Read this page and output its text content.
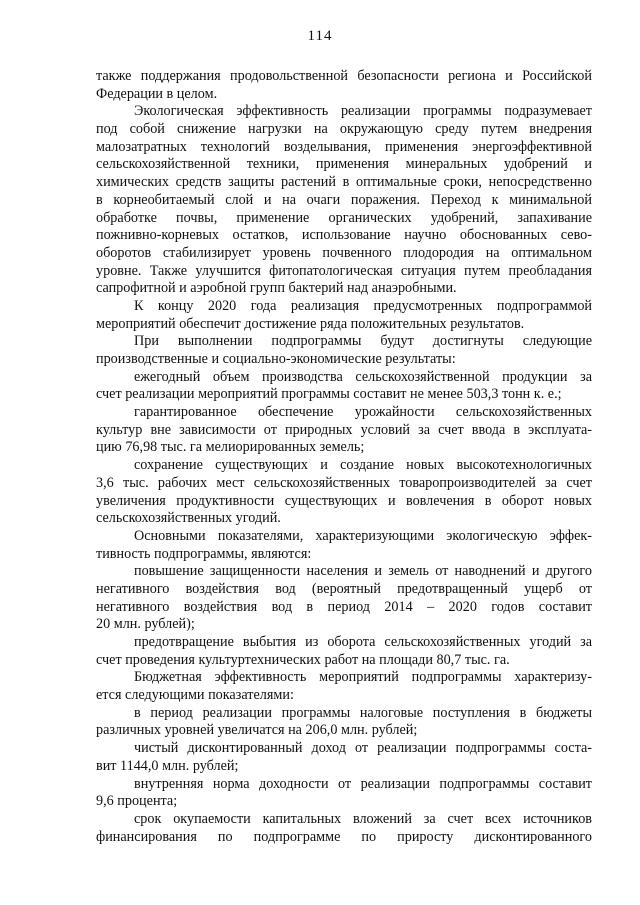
114
также поддержания продовольственной безопасности региона и Российской
Федерации в целом.
Экологическая эффективность реализации программы подразумевает
под собой снижение нагрузки на окружающую среду путем внедрения
малозатратных технологий возделывания, применения энергоэффективной
сельскохозяйственной техники, применения минеральных удобрений и
химических средств защиты растений в оптимальные сроки, непосредственно
в корнеобитаемый слой и на очаги поражения. Переход к минимальной
обработке почвы, применение органических удобрений, запахивание
пожнивно-корневых остатков, использование научно обоснованных сево-
оборотов стабилизирует уровень почвенного плодородия на оптимальном
уровне. Также улучшится фитопатологическая ситуация путем преобладания
сапрофитной и аэробной групп бактерий над анаэробными.
К концу 2020 года реализация предусмотренных подпрограммой
мероприятий обеспечит достижение ряда положительных результатов.
При выполнении подпрограммы будут достигнуты следующие
производственные и социально-экономические результаты:
ежегодный объем производства сельскохозяйственной продукции за
счет реализации мероприятий программы составит не менее 503,3 тонн к. е.;
гарантированное обеспечение урожайности сельскохозяйственных
культур вне зависимости от природных условий за счет ввода в эксплуата-
цию 76,98 тыс. га мелиорированных земель;
сохранение существующих и создание новых высокотехнологичных
3,6 тыс. рабочих мест сельскохозяйственных товаропроизводителей за счет
увеличения продуктивности существующих и вовлечения в оборот новых
сельскохозяйственных угодий.
Основными показателями, характеризующими экологическую эффек-
тивность подпрограммы, являются:
повышение защищенности населения и земель от наводнений и другого
негативного воздействия вод (вероятный предотвращенный ущерб от
негативного воздействия вод в период 2014 – 2020 годов составит
20 млн. рублей);
предотвращение выбытия из оборота сельскохозяйственных угодий за
счет проведения культуртехнических работ на площади 80,7 тыс. га.
Бюджетная эффективность мероприятий подпрограммы характеризу-
ется следующими показателями:
в период реализации программы налоговые поступления в бюджеты
различных уровней увеличатся на 206,0 млн. рублей;
чистый дисконтированный доход от реализации подпрограммы соста-
вит 1144,0 млн. рублей;
внутренняя норма доходности от реализации подпрограммы составит
9,6 процента;
срок окупаемости капитальных вложений за счет всех источников
финансирования по подпрограмме по приросту дисконтированного
